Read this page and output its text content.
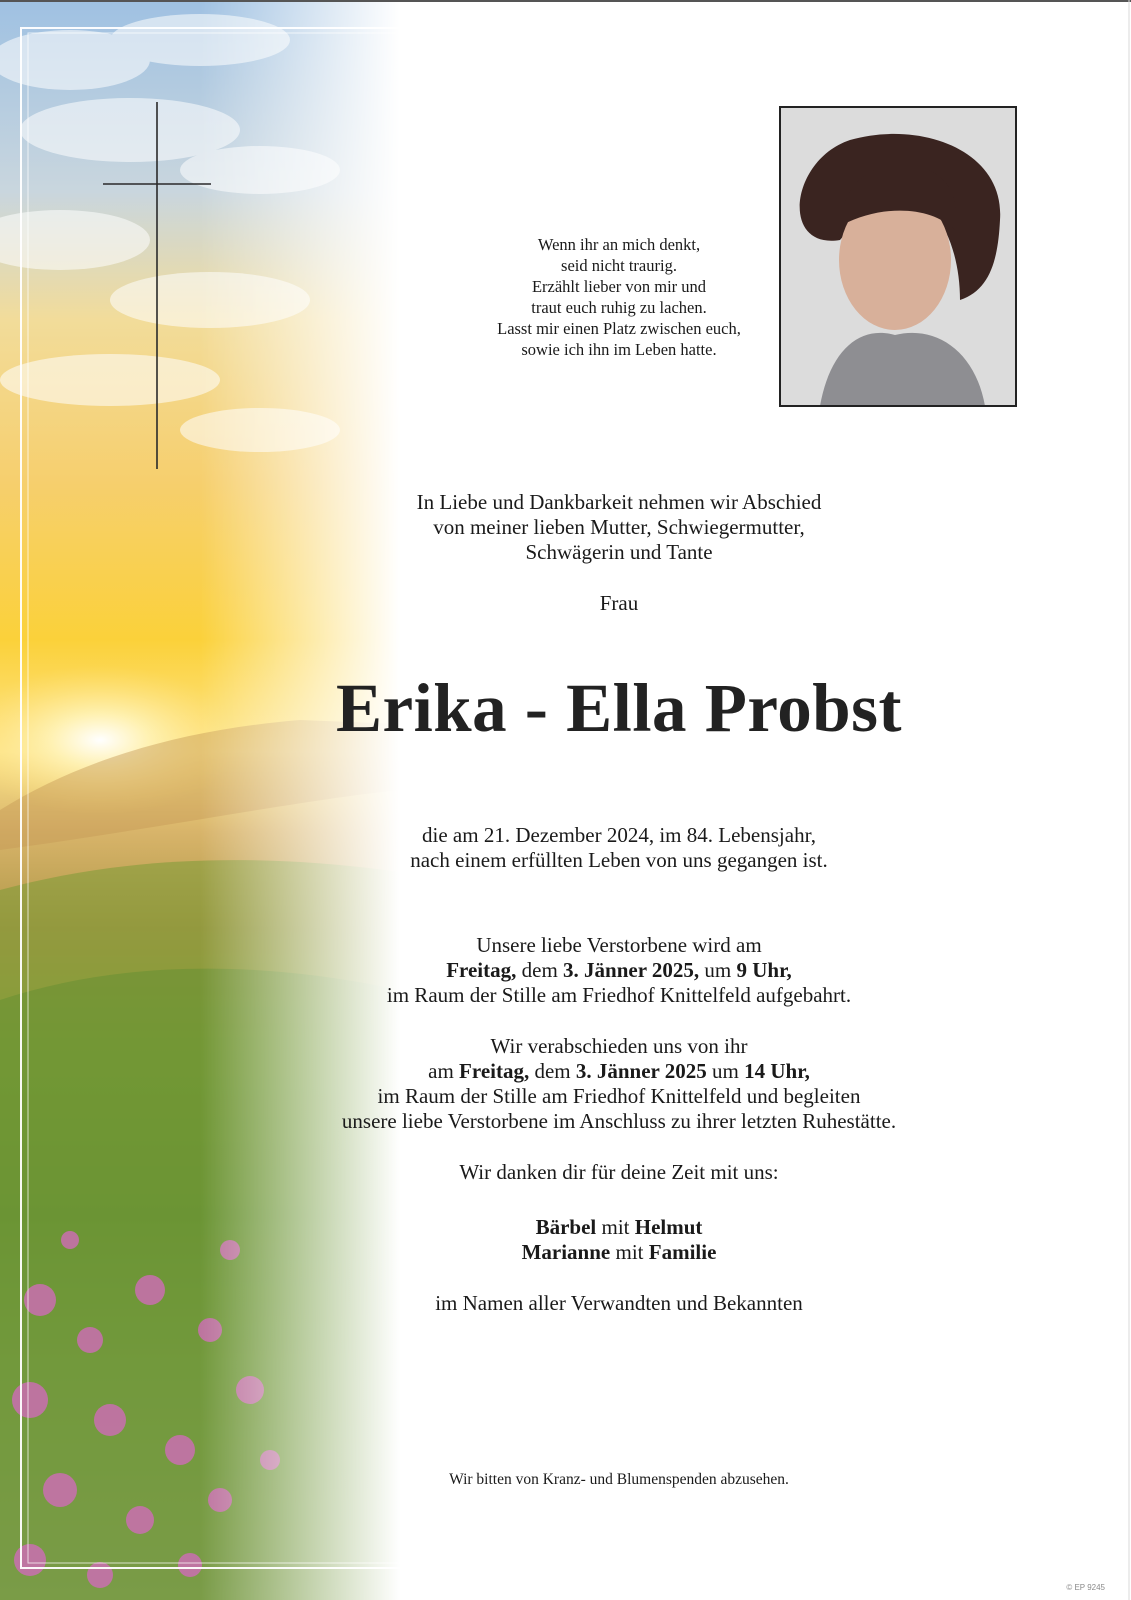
Wenn ihr an mich denkt,
seid nicht traurig.
Erzählt lieber von mir und
traut euch ruhig zu lachen.
Lasst mir einen Platz zwischen euch,
sowie ich ihn im Leben hatte.
In Liebe und Dankbarkeit nehmen wir Abschied
von meiner lieben Mutter, Schwiegermutter,
Schwägerin und Tante
Frau
Erika - Ella Probst
die am 21. Dezember 2024, im 84. Lebensjahr,
nach einem erfüllten Leben von uns gegangen ist.
Unsere liebe Verstorbene wird am
Freitag, dem 3. Jänner 2025, um 9 Uhr,
im Raum der Stille am Friedhof Knittelfeld aufgebahrt.
Wir verabschieden uns von ihr
am Freitag, dem 3. Jänner 2025 um 14 Uhr,
im Raum der Stille am Friedhof Knittelfeld und begleiten
unsere liebe Verstorbene im Anschluss zu ihrer letzten Ruhestätte.
Wir danken dir für deine Zeit mit uns:
Bärbel mit Helmut
Marianne mit Familie
im Namen aller Verwandten und Bekannten
Wir bitten von Kranz- und Blumenspenden abzusehen.
© EP 9245
